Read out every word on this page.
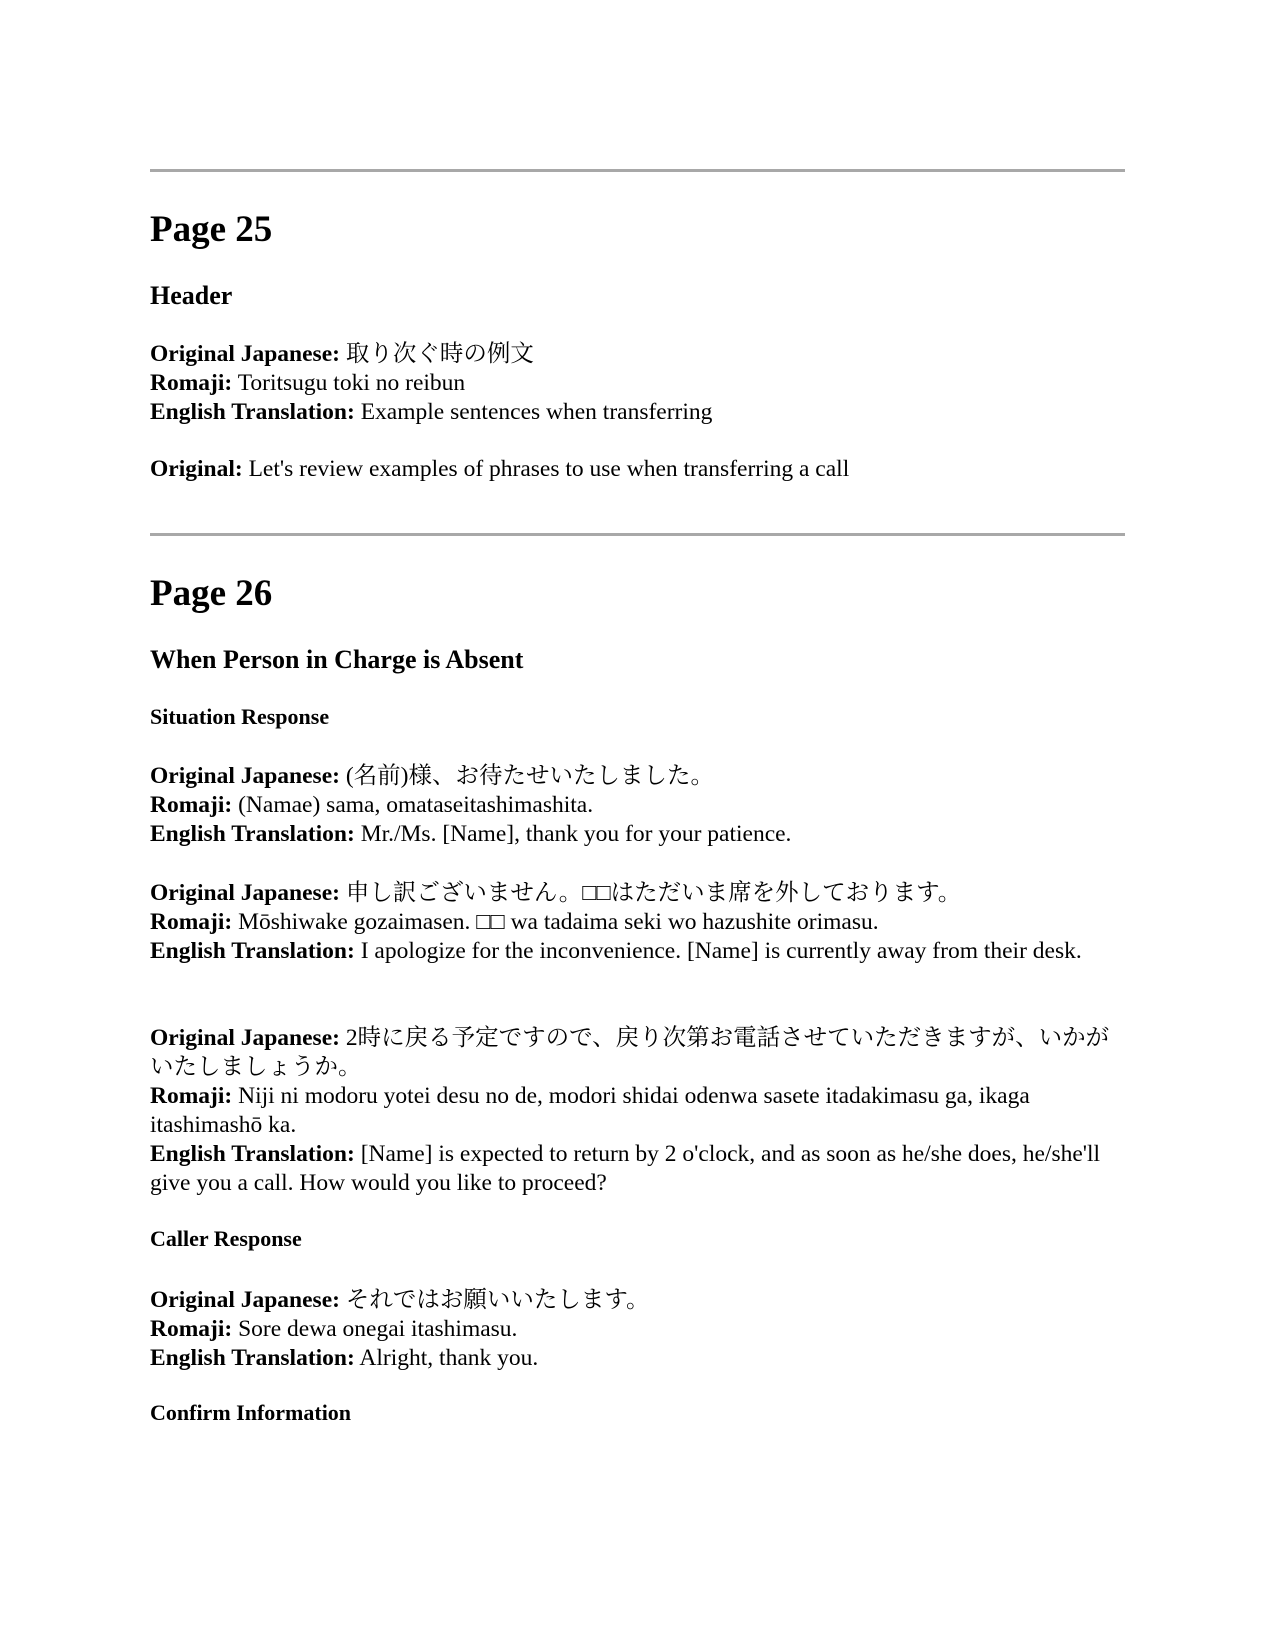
Page 25
Header

Original Japanese: 取り次ぐ時の例文

Romaji: Toritsugu toki no reibun

English Translation: Example sentences when transferring

Original: Let's review examples of phrases to use when transferring a call

Page 26
When Person in Charge is Absent
Situation Response

Original Japanese: (名前)様、お待たせいたしました。

Romaji: (Namae) sama, omataseitashimashita.

English Translation: Mr./Ms. [Name], thank you for your patience.

Original Japanese: 申し訳ございません。□□はただいま席を外しております。

Romaji: Mōshiwake gozaimasen. □□ wa tadaima seki wo hazushite orimasu.

English Translation: I apologize for the inconvenience. [Name] is currently away from their desk.

Original Japanese: 2時に戻る予定ですので、戻り次第お電話させていただきますが、いかがいたしましょうか。

Romaji: Niji ni modoru yotei desu no de, modori shidai odenwa sasete itadakimasu ga, ikaga itashimashō ka.

English Translation: [Name] is expected to return by 2 o'clock, and as soon as he/she does, he/she'll give you a call. How would you like to proceed?

Caller Response

Original Japanese: それではお願いいたします。

Romaji: Sore dewa onegai itashimasu.

English Translation: Alright, thank you.

Confirm Information
